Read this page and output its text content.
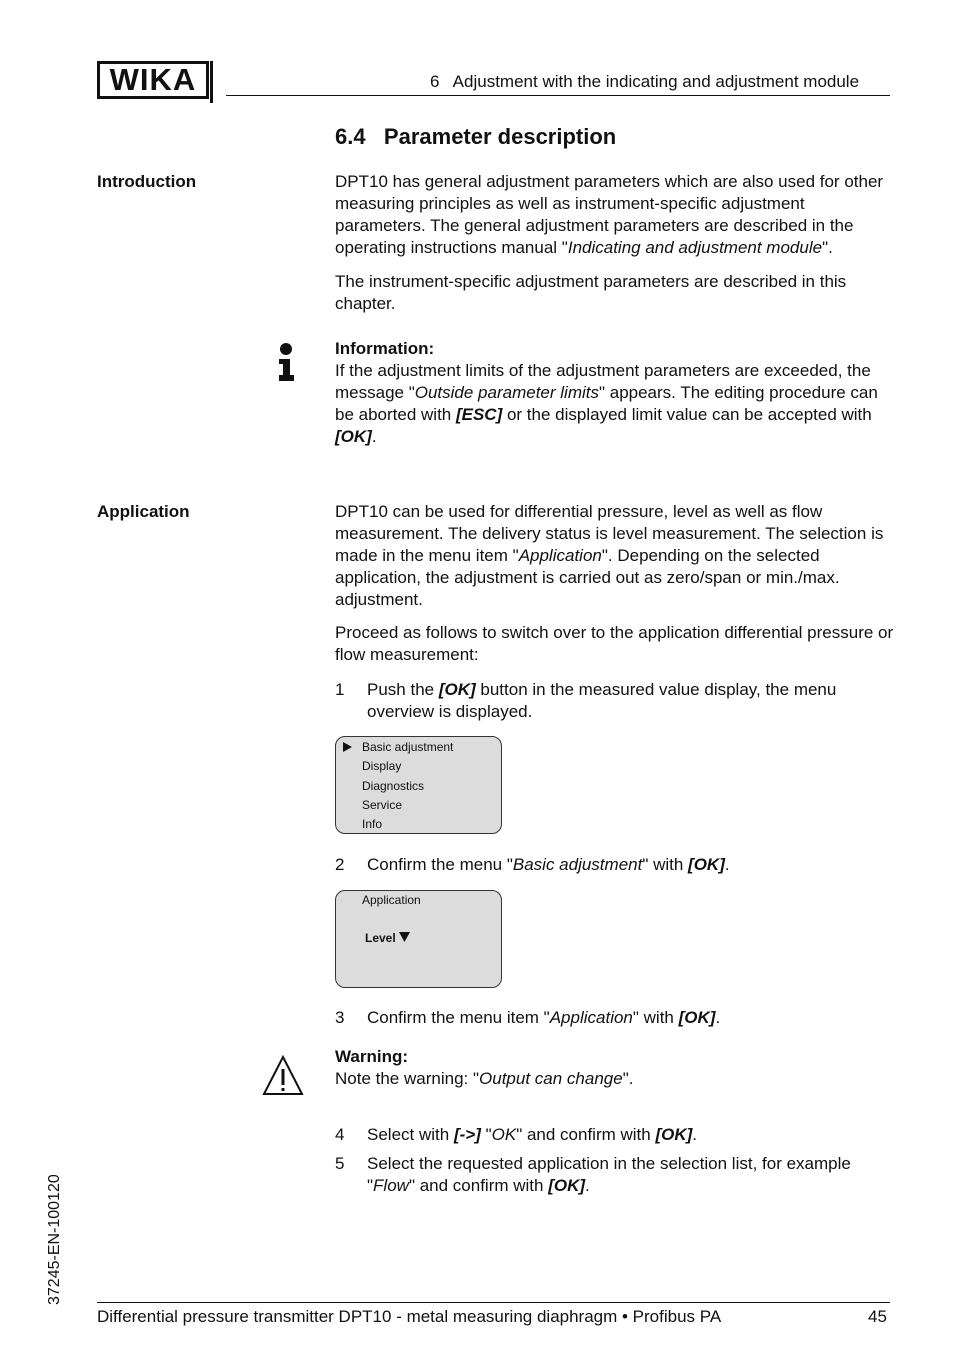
WIKA	6   Adjustment with the indicating and adjustment module
6.4   Parameter description
Introduction	DPT10 has general adjustment parameters which are also used for other measuring principles as well as instrument-specific adjustment parameters. The general adjustment parameters are described in the operating instructions manual "Indicating and adjustment module".
The instrument-specific adjustment parameters are described in this chapter.
Information:
If the adjustment limits of the adjustment parameters are exceeded, the message "Outside parameter limits" appears. The editing procedure can be aborted with [ESC] or the displayed limit value can be accepted with [OK].
Application	DPT10 can be used for differential pressure, level as well as flow measurement. The delivery status is level measurement. The selection is made in the menu item "Application". Depending on the selected application, the adjustment is carried out as zero/span or min./max. adjustment.
Proceed as follows to switch over to the application differential pressure or flow measurement:
1 Push the [OK] button in the measured value display, the menu overview is displayed.
Basic adjustment
Display
Diagnostics
Service
Info
2 Confirm the menu "Basic adjustment" with [OK].
Application
Level
3 Confirm the menu item "Application" with [OK].
Warning:
Note the warning: "Output can change".
4 Select with [->] "OK" and confirm with [OK].
5 Select the requested application in the selection list, for example "Flow" and confirm with [OK].
37245-EN-100120
Differential pressure transmitter DPT10 - metal measuring diaphragm • Profibus PA	45
